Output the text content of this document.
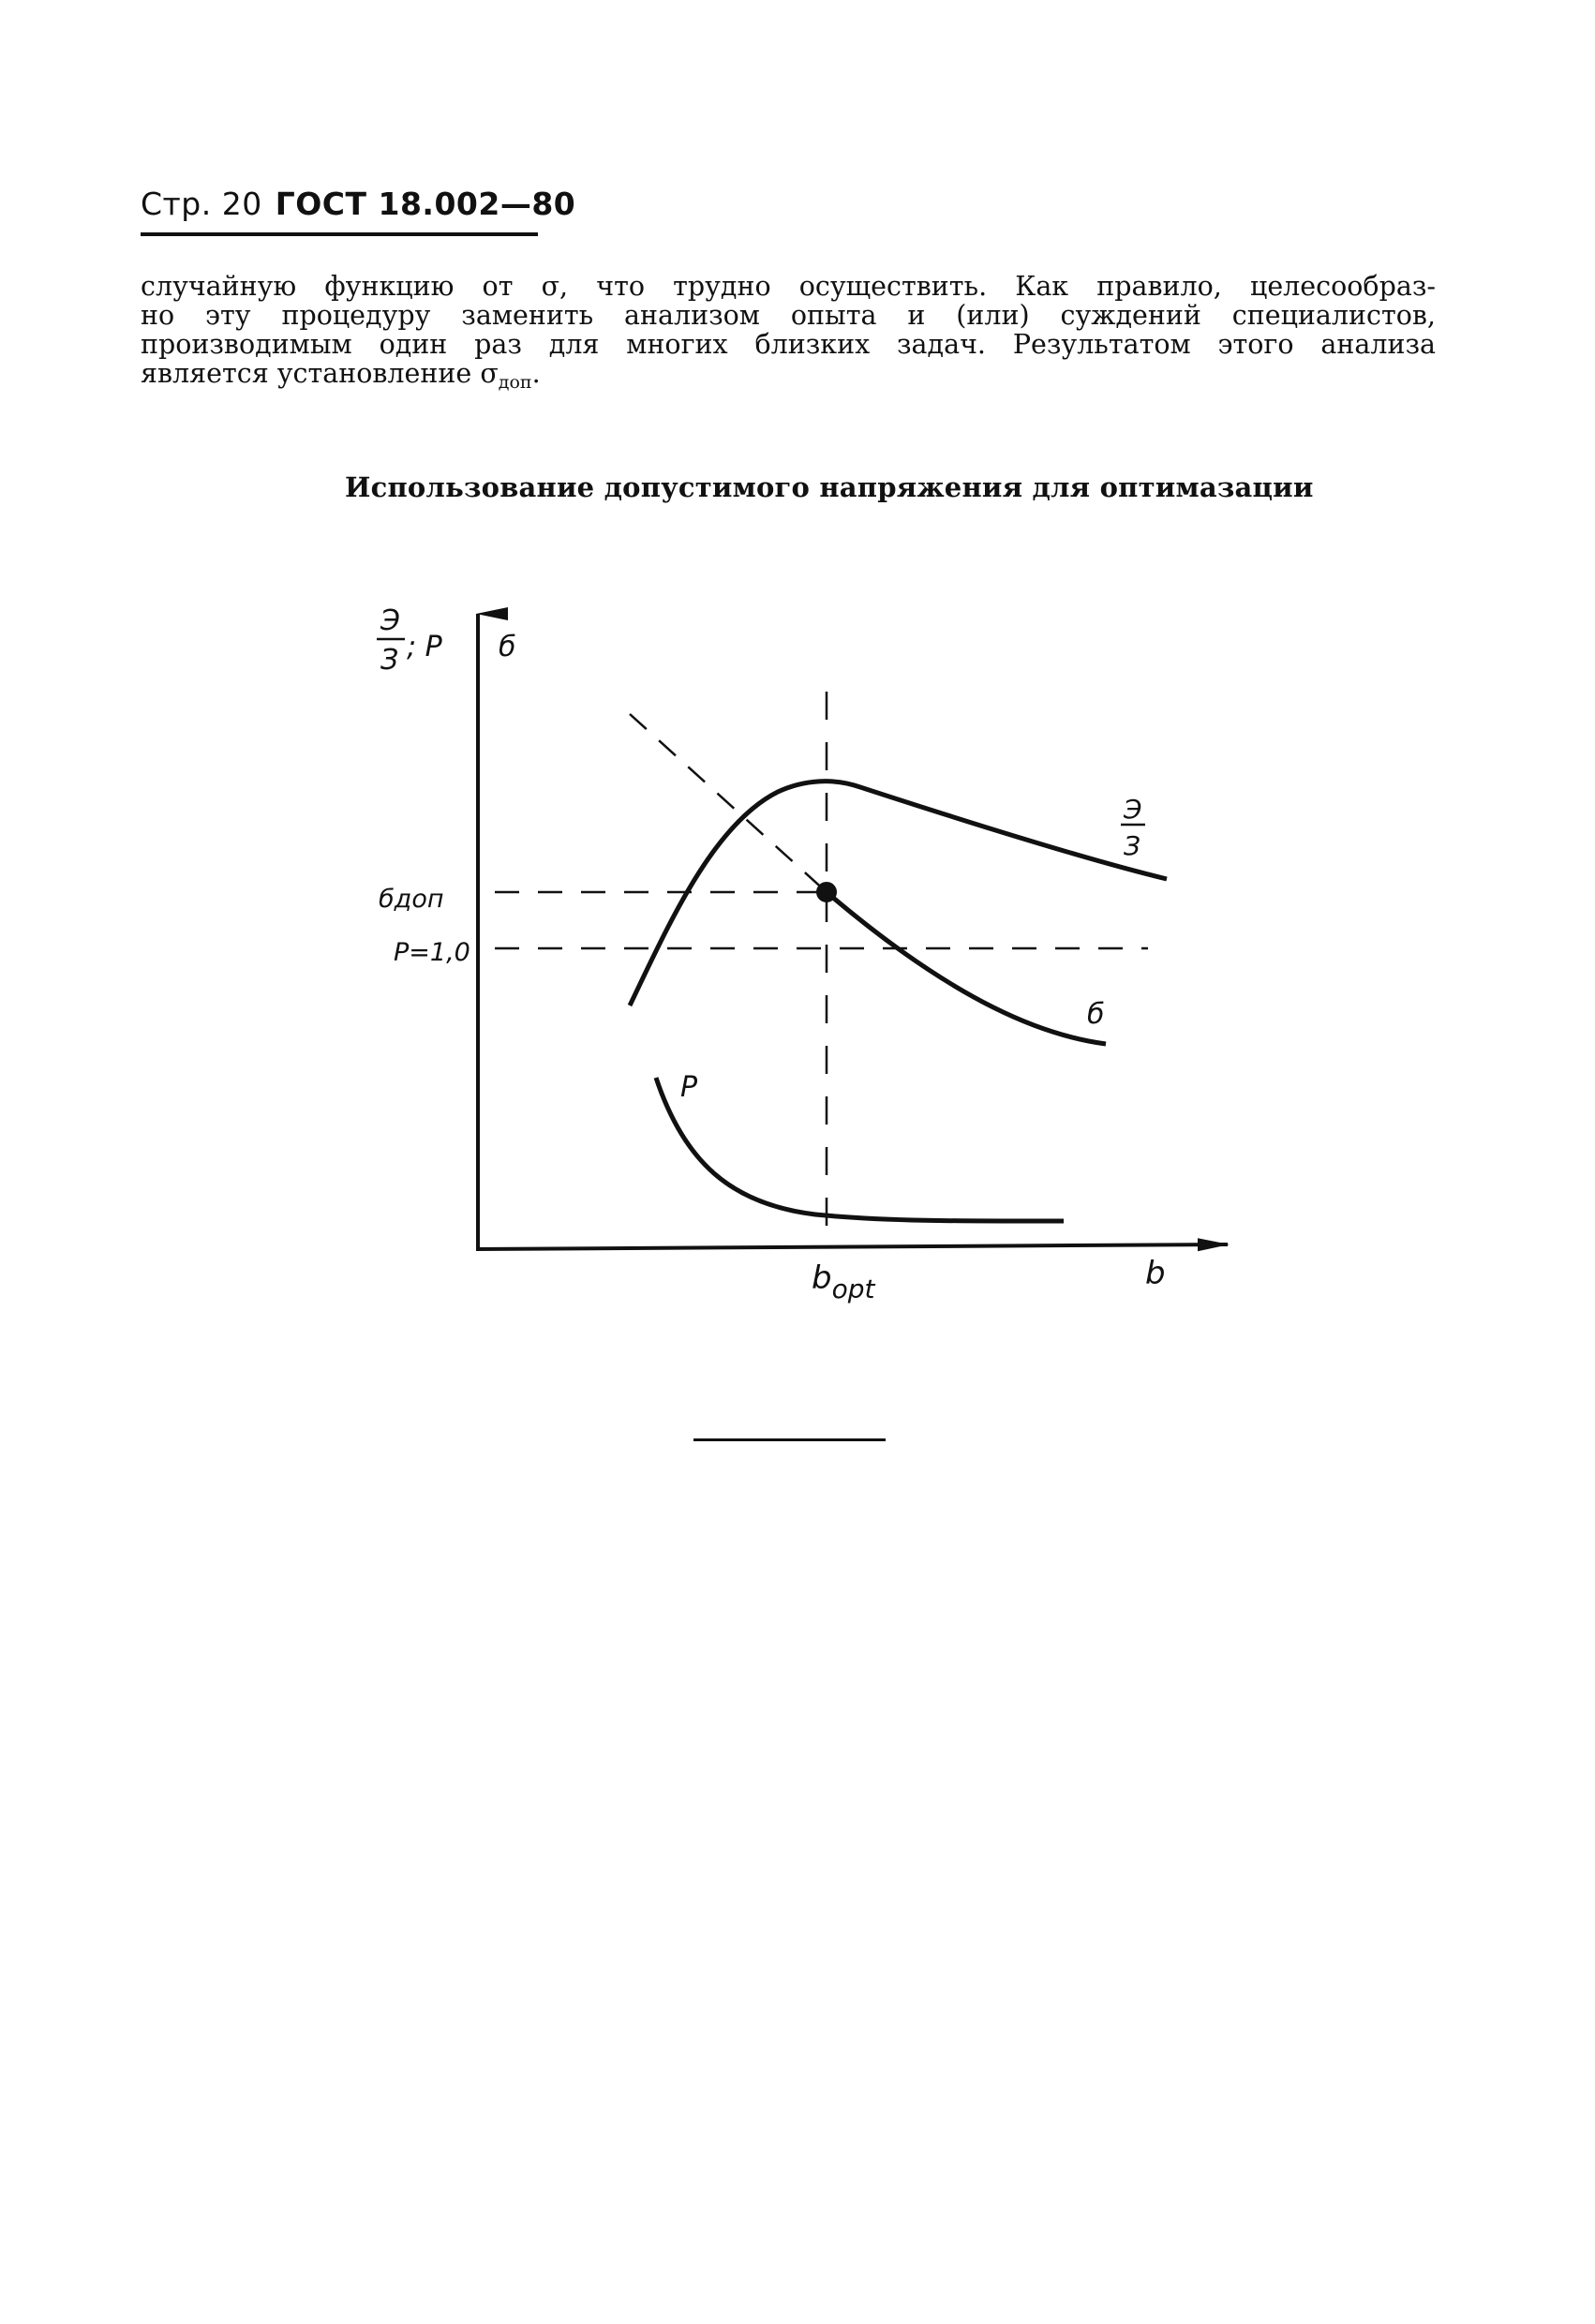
Стр. 20 ГОСТ 18.002—80
случайную функцию от σ, что трудно осуществить. Как правило, целесообраз-
но эту процедуру заменить анализом опыта и (или) суждений специалистов,
производимым один раз для многих близких задач. Результатом этого анализа
является установление $\sigma_{доп}$.
Использование допустимого напряжения для оптимазации
Э
З ; P б
бдоп
P=1,0
Э
З
б
P
$b_{opt}$	b
